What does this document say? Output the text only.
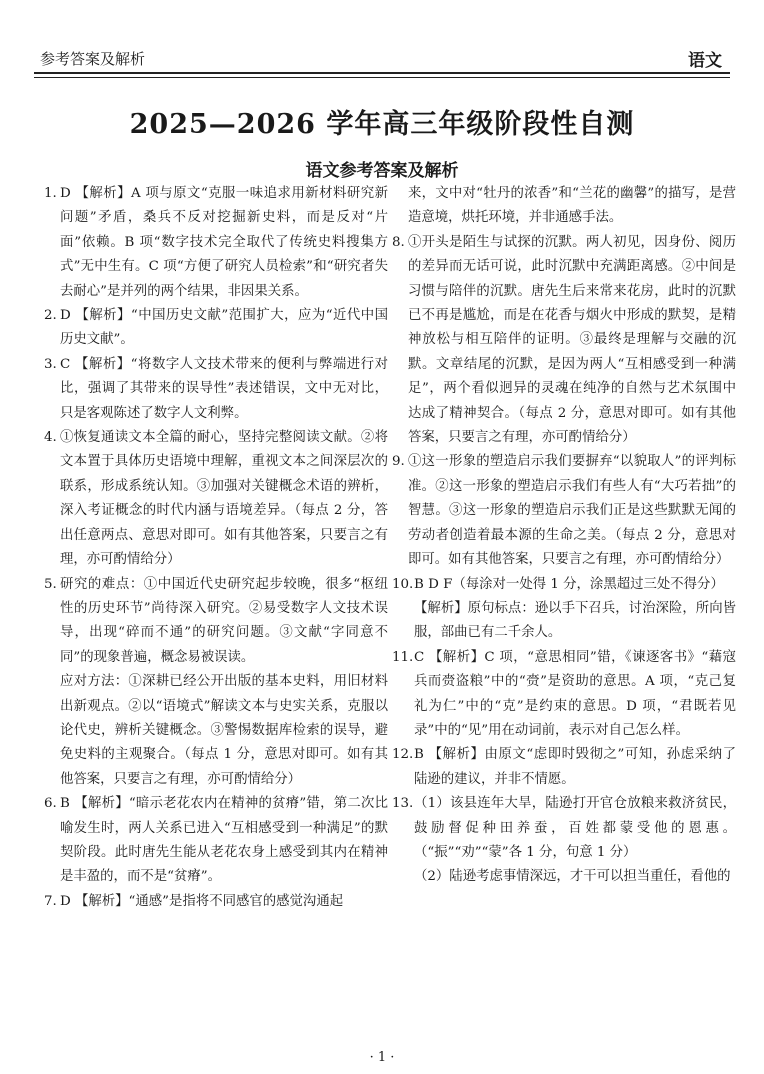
参考答案及解析	语文
2025—2026 学年高三年级阶段性自测
语文参考答案及解析
1. D 【解析】A 项与原文“克服一味追求用新材料研究新问题”矛盾，桑兵不反对挖掘新史料，而是反对“片面”依赖。B 项“数字技术完全取代了传统史料搜集方式”无中生有。C 项“方便了研究人员检索”和“研究者失去耐心”是并列的两个结果，非因果关系。
2. D 【解析】“中国历史文献”范围扩大，应为“近代中国历史文献”。
3. C 【解析】“将数字人文技术带来的便利与弊端进行对比，强调了其带来的误导性”表述错误，文中无对比，只是客观陈述了数字人文利弊。
4. ①恢复通读文本全篇的耐心，坚持完整阅读文献。②将文本置于具体历史语境中理解，重视文本之间深层次的联系，形成系统认知。③加强对关键概念术语的辨析，深入考证概念的时代内涵与语境差异。（每点 2 分，答出任意两点、意思对即可。如有其他答案，只要言之有理，亦可酌情给分）
5. 研究的难点：①中国近代史研究起步较晚，很多“枢纽性的历史环节”尚待深入研究。②易受数字人文技术误导，出现“碎而不通”的研究问题。③文献“字同意不同”的现象普遍，概念易被误读。
应对方法：①深耕已经公开出版的基本史料，用旧材料出新观点。②以“语境式”解读文本与史实关系，克服以论代史，辨析关键概念。③警惕数据库检索的误导，避免史料的主观聚合。（每点 1 分，意思对即可。如有其他答案，只要言之有理，亦可酌情给分）
6. B 【解析】“暗示老花农内在精神的贫瘠”错，第二次比喻发生时，两人关系已进入“互相感受到一种满足”的默契阶段。此时唐先生能从老花农身上感受到其内在精神是丰盈的，而不是“贫瘠”。
7. D 【解析】“通感”是指将不同感官的感觉沟通起
来，文中对“牡丹的浓香”和“兰花的幽馨”的描写，是营造意境，烘托环境，并非通感手法。
8. ①开头是陌生与试探的沉默。两人初见，因身份、阅历的差异而无话可说，此时沉默中充满距离感。②中间是习惯与陪伴的沉默。唐先生后来常来花房，此时的沉默已不再是尴尬，而是在花香与烟火中形成的默契，是精神放松与相互陪伴的证明。③最终是理解与交融的沉默。文章结尾的沉默，是因为两人“互相感受到一种满足”，两个看似迥异的灵魂在纯净的自然与艺术氛围中达成了精神契合。（每点 2 分，意思对即可。如有其他答案，只要言之有理，亦可酌情给分）
9. ①这一形象的塑造启示我们要摒弃“以貌取人”的评判标准。②这一形象的塑造启示我们有些人有“大巧若拙”的智慧。③这一形象的塑造启示我们正是这些默默无闻的劳动者创造着最本源的生命之美。（每点 2 分，意思对即可。如有其他答案，只要言之有理，亦可酌情给分）
10. B D F（每涂对一处得 1 分，涂黑超过三处不得分）
【解析】原句标点：逊以手下召兵，讨治深险，所向皆服，部曲已有二千余人。
11. C 【解析】C 项，“意思相同”错，《谏逐客书》“藉寇兵而赍盗粮”中的“赍”是资助的意思。A 项，“克己复礼为仁”中的“克”是约束的意思。D 项，“君既若见录”中的“见”用在动词前，表示对自己怎么样。
12. B 【解析】由原文“虑即时毁彻之”可知，孙虑采纳了陆逊的建议，并非不情愿。
13. （1）该县连年大旱，陆逊打开官仓放粮来救济贫民，鼓励督促种田养蚕，百姓都蒙受他的恩惠。（“振”“劝”“蒙”各 1 分，句意 1 分）
（2）陆逊考虑事情深远，才干可以担当重任，看他的
· 1 ·
